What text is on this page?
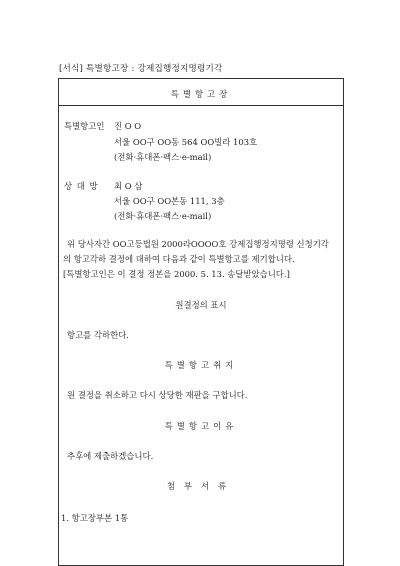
[서식] 특별항고장 : 강제집행정지명령기각
특별항고장
특별항고인 진 O O
서울 OO구 OO동 564 OO빌라 103호
(전화·휴대폰·팩스·e-mail)
상 대 방 최 O 삼
서울 OO구 OO본동 111, 3층
(전화·휴대폰·팩스·e-mail)
위 당사자간 OO고등법원 2000라OOOO호 강제집행정지명령 신청기각
의 항고각하 결정에 대하여 다음과 같이 특별항고를 제기합니다.
[특별항고인은 이 결정 정본을 2000. 5. 13. 송달받았습니다.]
원결정의 표시
항고를 각하한다.
특별항고취지
원 결정을 취소하고 다시 상당한 재판을 구합니다.
특별항고이유
추후에 제출하겠습니다.
첨부서류
1. 항고장부본 1통
